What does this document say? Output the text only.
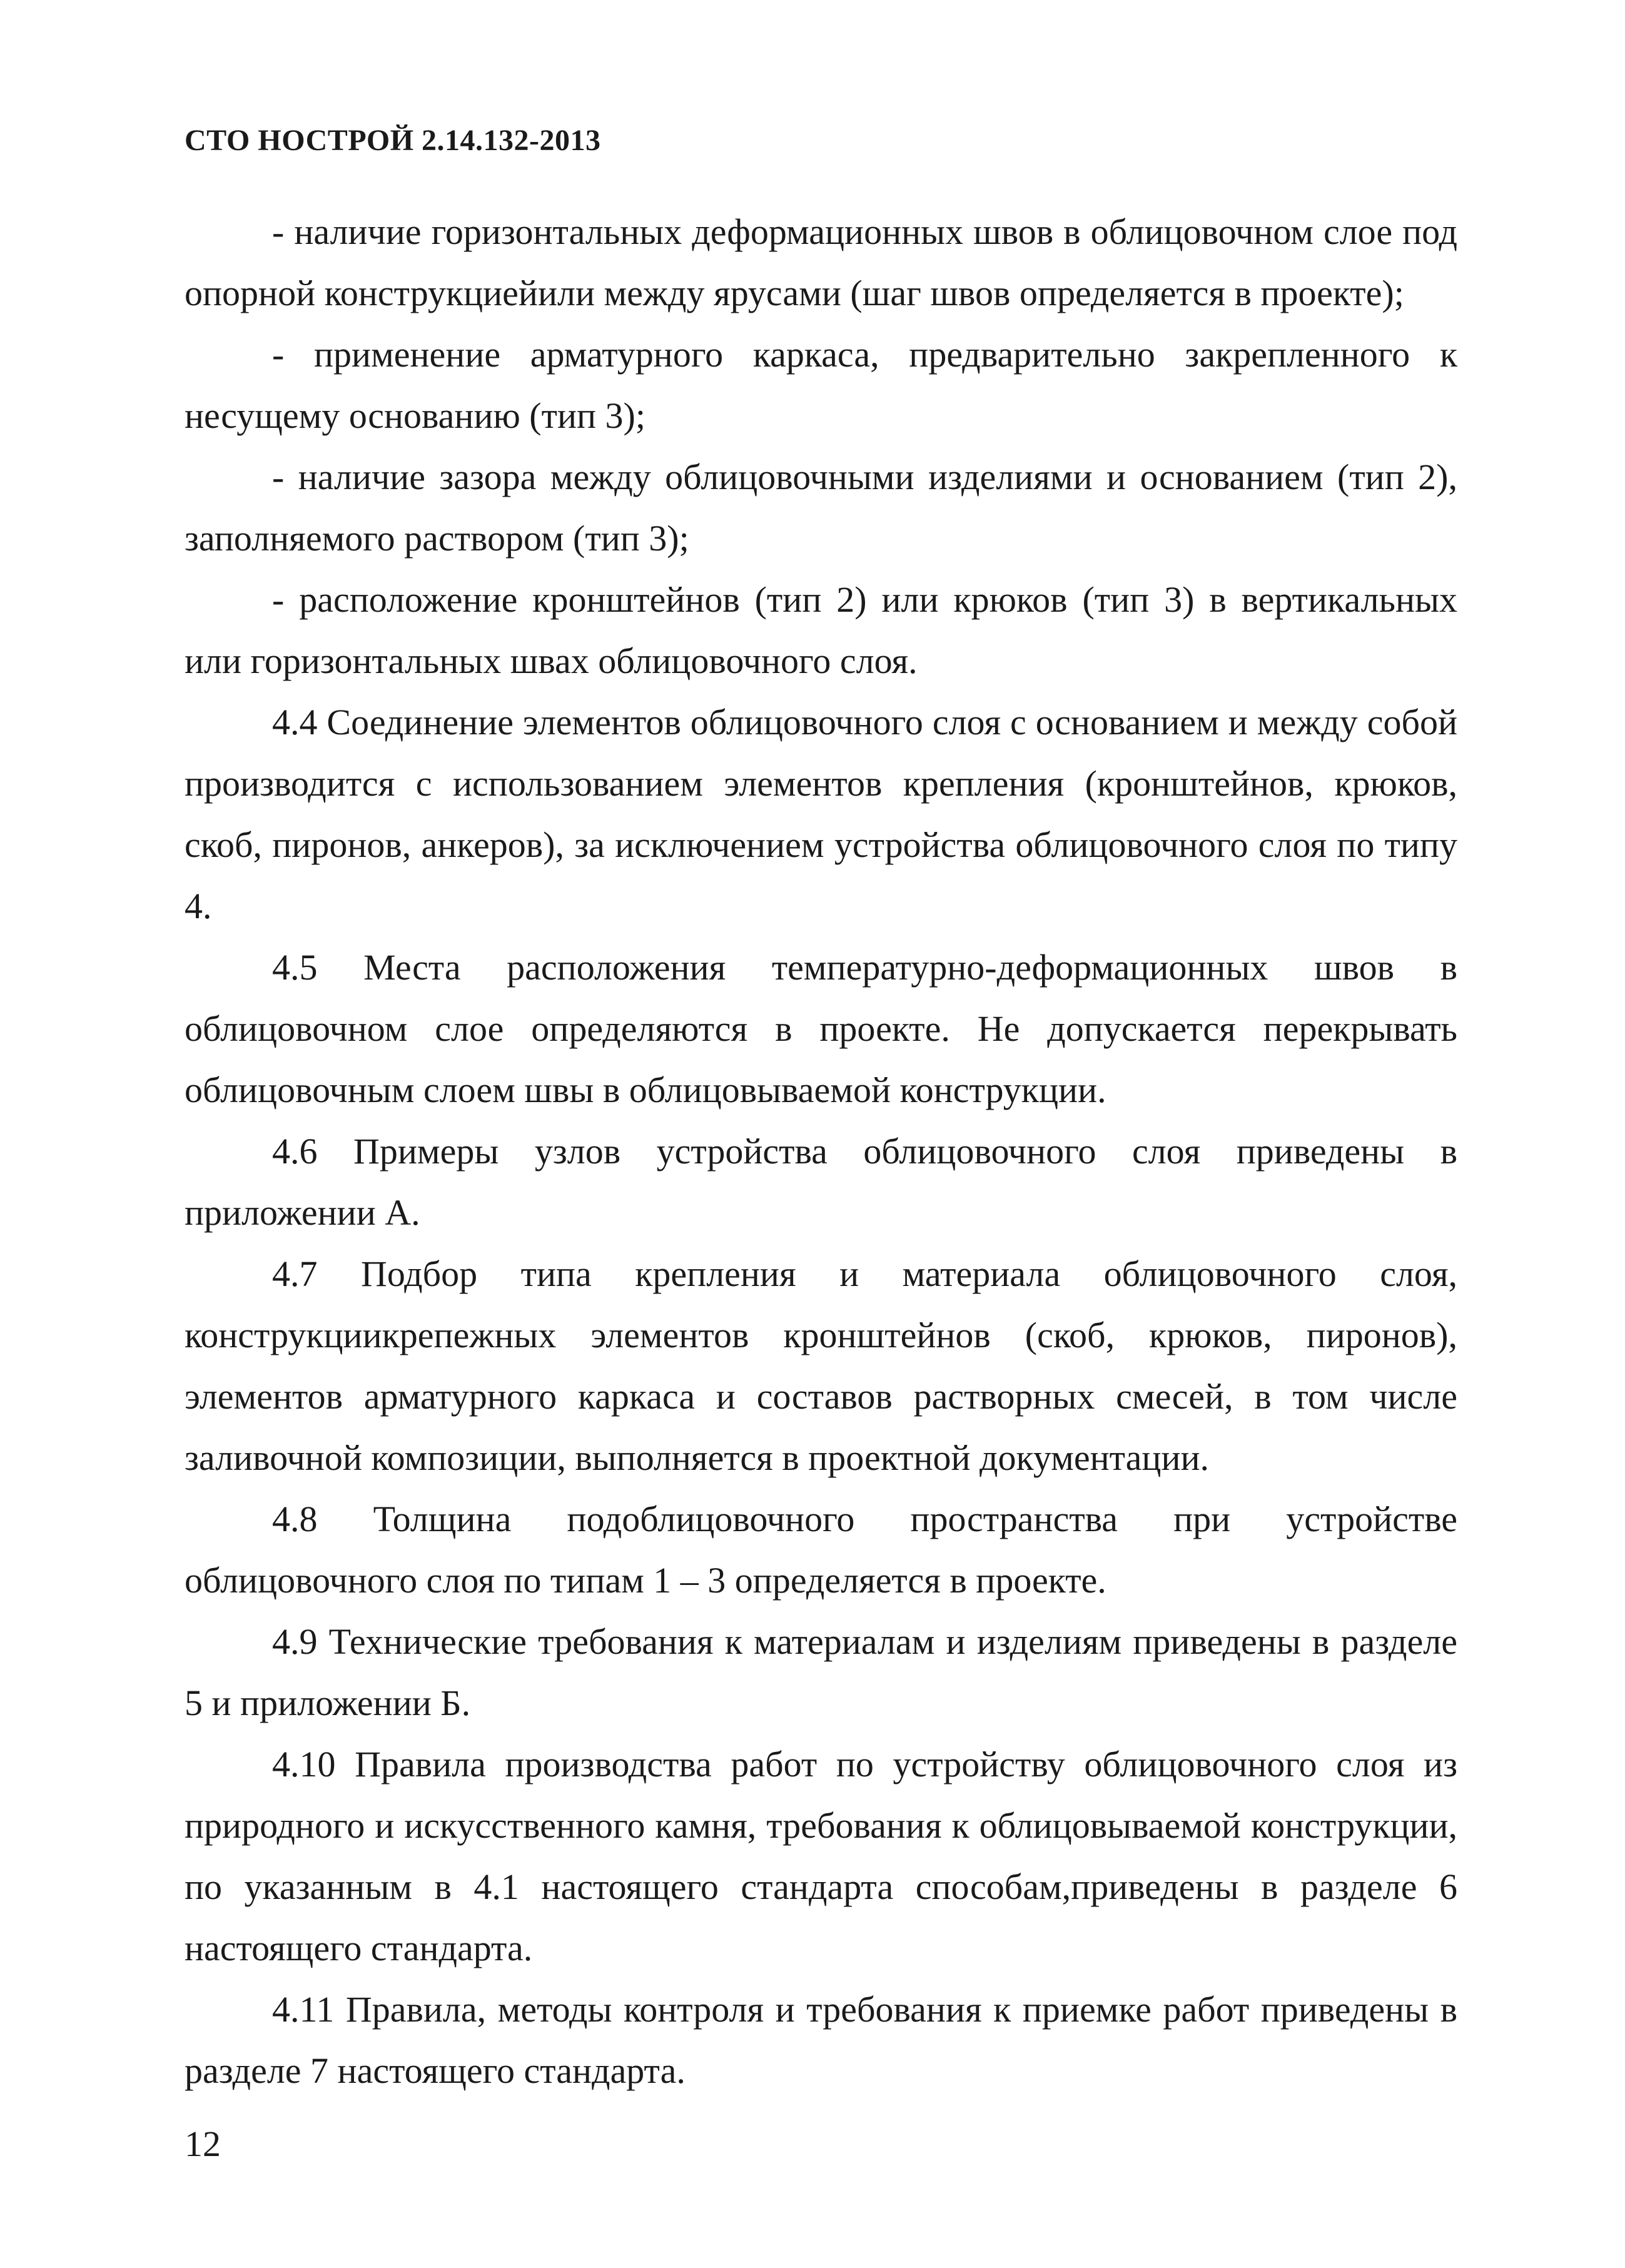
СТО НОСТРОЙ 2.14.132-2013

- наличие горизонтальных деформационных швов в облицовочном слое под опорной конструкциейили между ярусами (шаг швов определяется в проекте);

- применение арматурного каркаса, предварительно закрепленного к несущему основанию (тип 3);

- наличие зазора между облицовочными изделиями и основанием (тип 2), заполняемого раствором (тип 3);

- расположение кронштейнов (тип 2) или крюков (тип 3) в вертикальных или горизонтальных швах облицовочного слоя.

4.4 Соединение элементов облицовочного слоя с основанием и между собой производится с использованием элементов крепления (кронштейнов, крюков, скоб, пиронов, анкеров), за исключением устройства облицовочного слоя по типу 4.

4.5 Места расположения температурно-деформационных швов в облицовочном слое определяются в проекте. Не допускается перекрывать облицовочным слоем швы в облицовываемой конструкции.

4.6 Примеры узлов устройства облицовочного слоя приведены в приложении А.

4.7 Подбор типа крепления и материала облицовочного слоя, конструкциикрепежных элементов кронштейнов (скоб, крюков, пиронов), элементов арматурного каркаса и составов растворных смесей, в том числе заливочной композиции, выполняется в проектной документации.

4.8 Толщина подоблицовочного пространства при устройстве облицовочного слоя по типам 1 – 3 определяется в проекте.

4.9 Технические требования к материалам и изделиям приведены в разделе 5 и приложении Б.

4.10 Правила производства работ по устройству облицовочного слоя из природного и искусственного камня, требования к облицовываемой конструкции, по указанным в 4.1 настоящего стандарта способам,приведены в разделе 6 настоящего стандарта.

4.11 Правила, методы контроля и требования к приемке работ приведены в разделе 7 настоящего стандарта.

12
